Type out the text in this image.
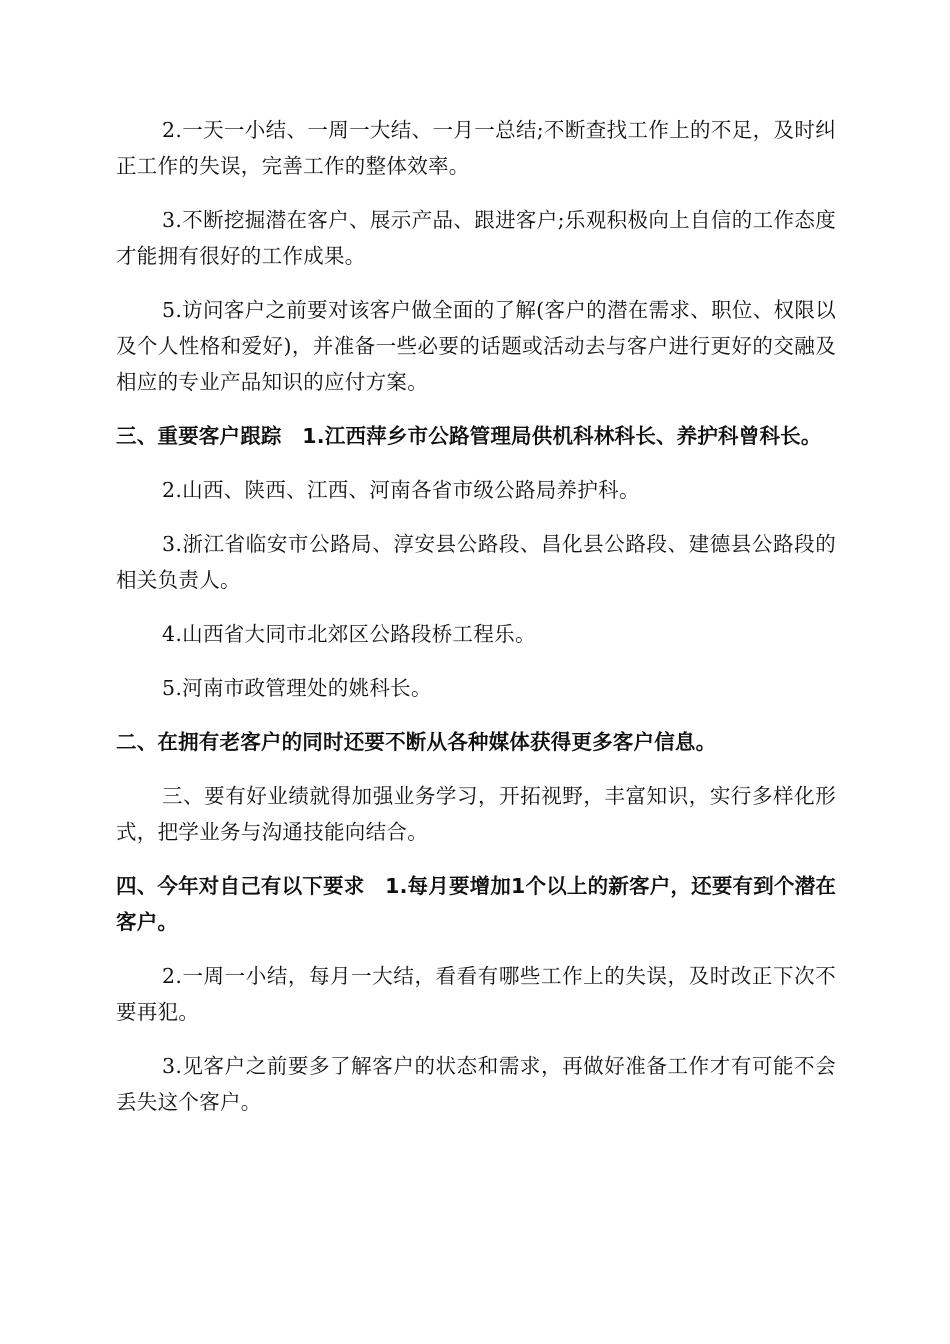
2.一天一小结、一周一大结、一月一总结;不断查找工作上的不足，及时纠正工作的失误，完善工作的整体效率。

3.不断挖掘潜在客户、展示产品、跟进客户;乐观积极向上自信的工作态度才能拥有很好的工作成果。

5.访问客户之前要对该客户做全面的了解(客户的潜在需求、职位、权限以及个人性格和爱好)，并准备一些必要的话题或活动去与客户进行更好的交融及相应的专业产品知识的应付方案。

三、重要客户跟踪　1.江西萍乡市公路管理局供机科林科长、养护科曾科长。

2.山西、陕西、江西、河南各省市级公路局养护科。

3.浙江省临安市公路局、淳安县公路段、昌化县公路段、建德县公路段的相关负责人。

4.山西省大同市北郊区公路段桥工程乐。

5.河南市政管理处的姚科长。

二、在拥有老客户的同时还要不断从各种媒体获得更多客户信息。

三、要有好业绩就得加强业务学习，开拓视野，丰富知识，实行多样化形式，把学业务与沟通技能向结合。

四、今年对自己有以下要求　1.每月要增加1个以上的新客户，还要有到个潜在客户。

2.一周一小结，每月一大结，看看有哪些工作上的失误，及时改正下次不要再犯。

3.见客户之前要多了解客户的状态和需求，再做好准备工作才有可能不会丢失这个客户。
